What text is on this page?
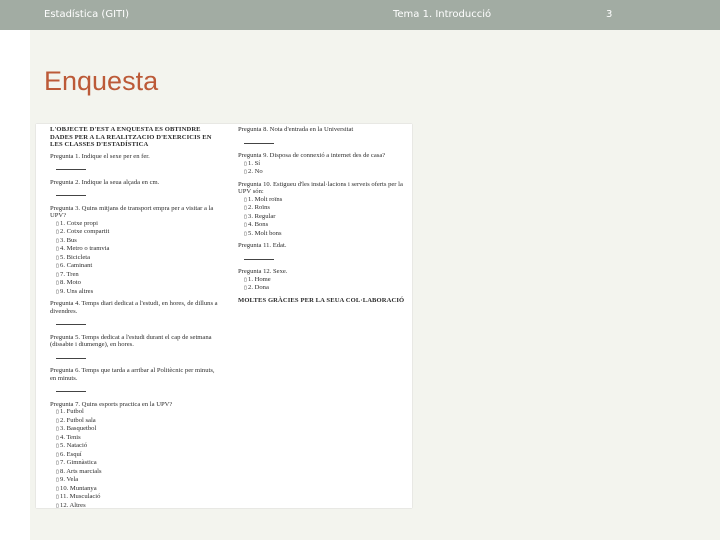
Estadística (GITI)	Tema 1. Introducció	3
Enquesta
L'OBJECTE D'EST A ENQUESTA ES OBTINDRE DADES PER A LA REALITZACIO D'EXERCICIS EN LES CLASSES D'ESTADÍSTICA
Pregunta 1. Indique el sexe per en fer.
Pregunta 2. Indique la seua alçada en cm.
Pregunta 3. Quins mitjans de transport empra per a visitar a la UPV?
▯ 1. Cotxe propi
▯ 2. Cotxe compartit
▯ 3. Bus
▯ 4. Metro o tramvia
▯ 5. Bicicleta
▯ 6. Caminant
▯ 7. Tren
▯ 8. Moto
▯ 9. Uns altres
Pregunta 4. Temps diari dedicat a l'estudi, en hores, de dilluns a divendres.
Pregunta 5. Temps dedicat a l'estudi durant el cap de setmana (dissabte i diumenge), en hores.
Pregunta 6. Temps que tarda a arribar al Politècnic per minuts, en minuts.
Pregunta 7. Quins esports practica en la UPV?
▯ 1. Futbol
▯ 2. Futbol sala
▯ 3. Basquetbol
▯ 4. Tenis
▯ 5. Natació
▯ 6. Esquí
▯ 7. Gimnàstica
▯ 8. Arts marcials
▯ 9. Vela
▯ 10. Muntanya
▯ 11. Musculació
▯ 12. Altres
Pregunta 8. Nota d'entrada en la Universitat
Pregunta 9. Disposa de connexió a internet des de casa?
▯ 1. Sí
▯ 2. No
Pregunta 10. Estigueu d'les instal·lacions i serveis oferts per la UPV són:
▯ 1. Molt roïns
▯ 2. Roïns
▯ 3. Regular
▯ 4. Bons
▯ 5. Molt bons
Pregunta 11. Edat.
Pregunta 12. Sexe.
▯ 1. Home
▯ 2. Dona
MOLTES GRÀCIES PER LA SEUA COL·LABORACIÓ
